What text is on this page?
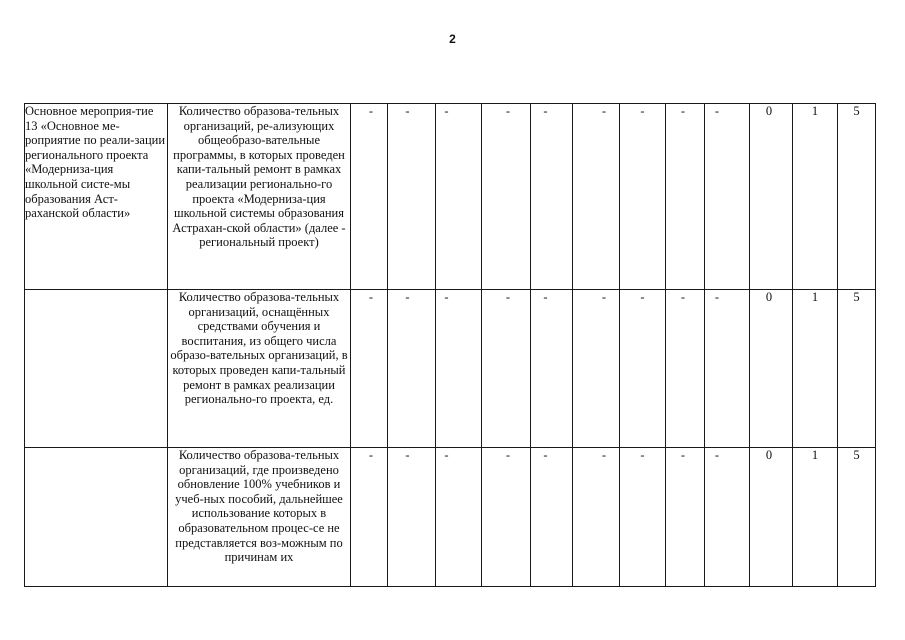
2
Основное мероприя-тие 13 «Основное ме-роприятие по реали-зации регионального проекта «Модерниза-ция школьной систе-мы образования Аст-раханской области»	Количество образова-тельных организаций, ре-ализующих общеобразо-вательные программы, в которых проведен капи-тальный ремонт в рамках реализации регионально-го проекта «Модерниза-ция школьной системы образования Астрахан-ской области» (далее - региональный проект)	-	-	-	-	-	-	-	-	-	0	1	5
	Количество образова-тельных организаций, оснащённых средствами обучения и воспитания, из общего числа образо-вательных организаций, в которых проведен капи-тальный ремонт в рамках реализации регионально-го проекта, ед.	-	-	-	-	-	-	-	-	-	0	1	5
	Количество образова-тельных организаций, где произведено обновление 100% учебников и учеб-ных пособий, дальнейшее использование которых в образовательном процес-се не представляется воз-можным по причинам их	-	-	-	-	-	-	-	-	-	0	1	5
